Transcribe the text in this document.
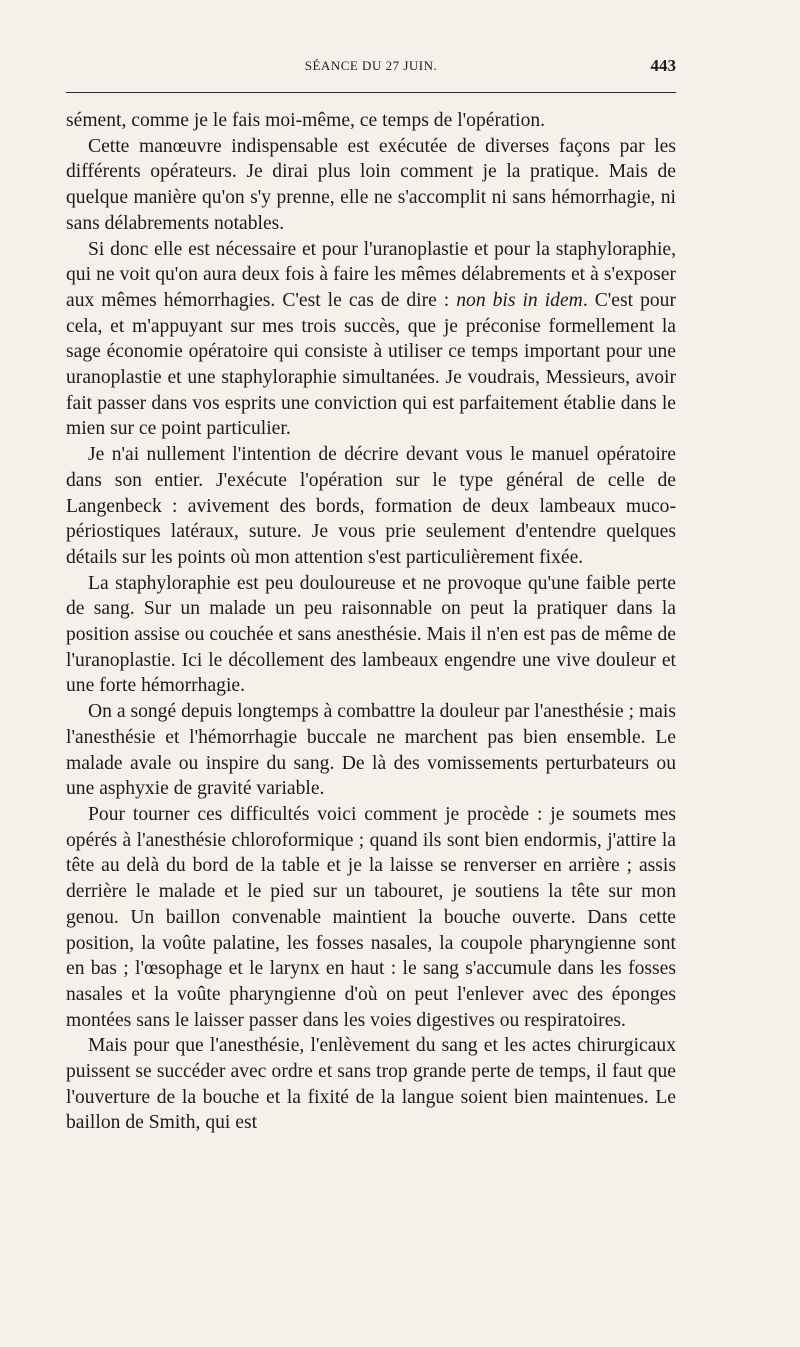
SÉANCE DU 27 JUIN.	443

sément, comme je le fais moi-même, ce temps de l'opération.

Cette manœuvre indispensable est exécutée de diverses façons par les différents opérateurs. Je dirai plus loin comment je la pratique. Mais de quelque manière qu'on s'y prenne, elle ne s'accomplit ni sans hémorrhagie, ni sans délabrements notables.

Si donc elle est nécessaire et pour l'uranoplastie et pour la staphyloraphie, qui ne voit qu'on aura deux fois à faire les mêmes délabrements et à s'exposer aux mêmes hémorrhagies. C'est le cas de dire : non bis in idem. C'est pour cela, et m'appuyant sur mes trois succès, que je préconise formellement la sage économie opératoire qui consiste à utiliser ce temps important pour une uranoplastie et une staphyloraphie simultanées. Je voudrais, Messieurs, avoir fait passer dans vos esprits une conviction qui est parfaitement établie dans le mien sur ce point particulier.

Je n'ai nullement l'intention de décrire devant vous le manuel opératoire dans son entier. J'exécute l'opération sur le type général de celle de Langenbeck : avivement des bords, formation de deux lambeaux muco-périostiques latéraux, suture. Je vous prie seulement d'entendre quelques détails sur les points où mon attention s'est particulièrement fixée.

La staphyloraphie est peu douloureuse et ne provoque qu'une faible perte de sang. Sur un malade un peu raisonnable on peut la pratiquer dans la position assise ou couchée et sans anesthésie. Mais il n'en est pas de même de l'uranoplastie. Ici le décollement des lambeaux engendre une vive douleur et une forte hémorrhagie.

On a songé depuis longtemps à combattre la douleur par l'anesthésie ; mais l'anesthésie et l'hémorrhagie buccale ne marchent pas bien ensemble. Le malade avale ou inspire du sang. De là des vomissements perturbateurs ou une asphyxie de gravité variable.

Pour tourner ces difficultés voici comment je procède : je soumets mes opérés à l'anesthésie chloroformique ; quand ils sont bien endormis, j'attire la tête au delà du bord de la table et je la laisse se renverser en arrière ; assis derrière le malade et le pied sur un tabouret, je soutiens la tête sur mon genou. Un baillon convenable maintient la bouche ouverte. Dans cette position, la voûte palatine, les fosses nasales, la coupole pharyngienne sont en bas ; l'œsophage et le larynx en haut : le sang s'accumule dans les fosses nasales et la voûte pharyngienne d'où on peut l'enlever avec des éponges montées sans le laisser passer dans les voies digestives ou respiratoires.

Mais pour que l'anesthésie, l'enlèvement du sang et les actes chirurgicaux puissent se succéder avec ordre et sans trop grande perte de temps, il faut que l'ouverture de la bouche et la fixité de la langue soient bien maintenues. Le baillon de Smith, qui est
